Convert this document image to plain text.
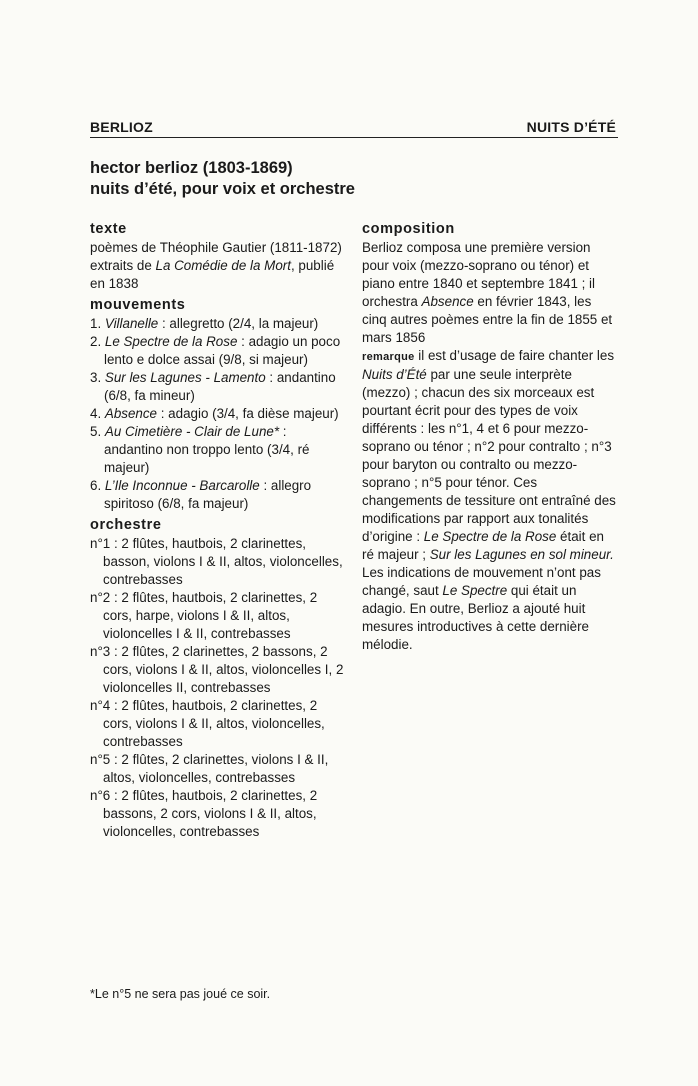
BERLIOZ	NUITS D’ÉTÉ
hector berlioz (1803-1869)
nuits d’été, pour voix et orchestre
texte

poèmes de Théophile Gautier (1811-1872) extraits de La Comédie de la Mort, publié en 1838

mouvements

1. Villanelle : allegretto (2/4, la majeur)

2. Le Spectre de la Rose : adagio un poco lento e dolce assai (9/8, si majeur)

3. Sur les Lagunes - Lamento : andantino (6/8, fa mineur)

4. Absence : adagio (3/4, fa dièse majeur)

5. Au Cimetière - Clair de Lune* : andantino non troppo lento (3/4, ré majeur)

6. L’Ile Inconnue - Barcarolle : allegro spiritoso (6/8, fa majeur)

orchestre

n°1 : 2 flûtes, hautbois, 2 clarinettes, basson, violons I & II, altos, violoncelles, contrebasses

n°2 : 2 flûtes, hautbois, 2 clarinettes, 2 cors, harpe, violons I & II, altos, violoncelles I & II, contrebasses

n°3 : 2 flûtes, 2 clarinettes, 2 bassons, 2 cors, violons I & II, altos, violoncelles I, 2 violoncelles II, contrebasses

n°4 : 2 flûtes, hautbois, 2 clarinettes, 2 cors, violons I & II, altos, violoncelles, contrebasses

n°5 : 2 flûtes, 2 clarinettes, violons I & II, altos, violoncelles, contrebasses

n°6 : 2 flûtes, hautbois, 2 clarinettes, 2 bassons, 2 cors, violons I & II, altos, violoncelles, contrebasses

composition

Berlioz composa une première version pour voix (mezzo-soprano ou ténor) et piano entre 1840 et septembre 1841 ; il orchestra Absence en février 1843, les cinq autres poèmes entre la fin de 1855 et mars 1856

remarque il est d’usage de faire chanter les Nuits d’Été par une seule interprète (mezzo) ; chacun des six morceaux est pourtant écrit pour des types de voix différents : les n°1, 4 et 6 pour mezzo-soprano ou ténor ; n°2 pour contralto ; n°3 pour baryton ou contralto ou mezzo-soprano ; n°5 pour ténor. Ces changements de tessiture ont entraîné des modifications par rapport aux tonalités d’origine : Le Spectre de la Rose était en ré majeur ; Sur les Lagunes en sol mineur. Les indications de mouvement n’ont pas changé, saut Le Spectre qui était un adagio. En outre, Berlioz a ajouté huit mesures introductives à cette dernière mélodie.

*Le n°5 ne sera pas joué ce soir.
